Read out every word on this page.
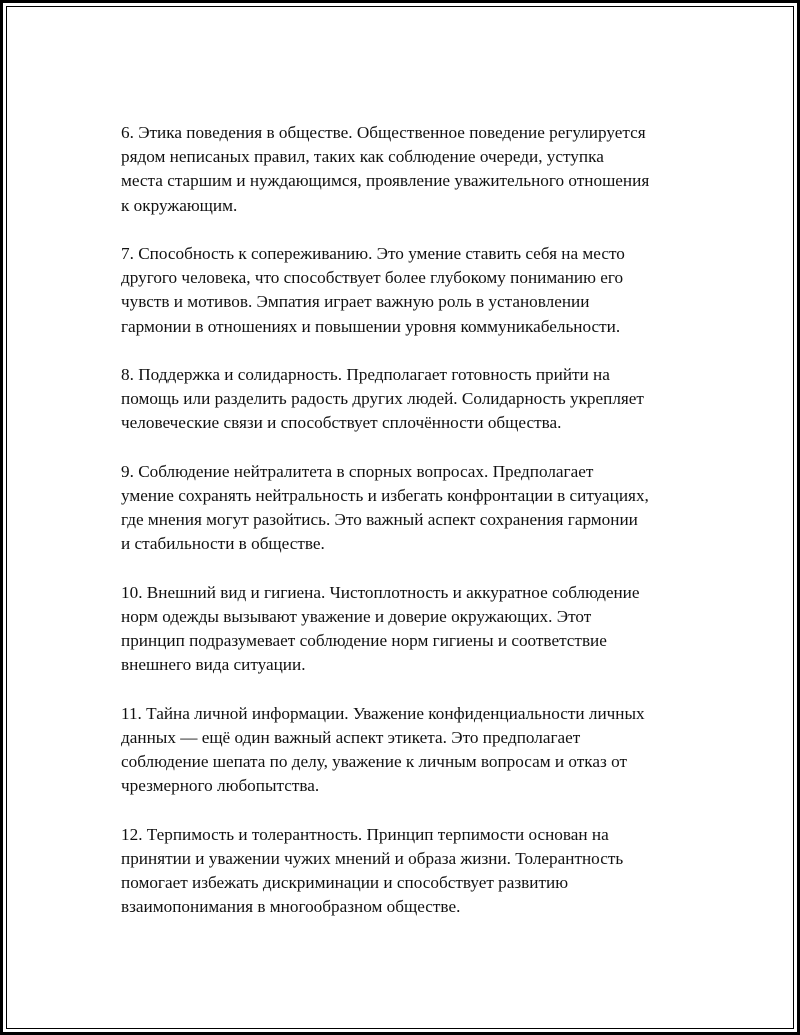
6. Этика поведения в обществе. Общественное поведение регулируется
рядом неписаных правил, таких как соблюдение очереди, уступка
места старшим и нуждающимся, проявление уважительного отношения
к окружающим.

7. Способность к сопереживанию. Это умение ставить себя на место
другого человека, что способствует более глубокому пониманию его
чувств и мотивов. Эмпатия играет важную роль в установлении
гармонии в отношениях и повышении уровня коммуникабельности.

8. Поддержка и солидарность. Предполагает готовность прийти на
помощь или разделить радость других людей. Солидарность укрепляет
человеческие связи и способствует сплочённости общества.

9. Соблюдение нейтралитета в спорных вопросах. Предполагает
умение сохранять нейтральность и избегать конфронтации в ситуациях,
где мнения могут разойтись. Это важный аспект сохранения гармонии
и стабильности в обществе.

10. Внешний вид и гигиена. Чистоплотность и аккуратное соблюдение
норм одежды вызывают уважение и доверие окружающих. Этот
принцип подразумевает соблюдение норм гигиены и соответствие
внешнего вида ситуации.

11. Тайна личной информации. Уважение конфиденциальности личных
данных — ещё один важный аспект этикета. Это предполагает
соблюдение шепата по делу, уважение к личным вопросам и отказ от
чрезмерного любопытства.

12. Терпимость и толерантность. Принцип терпимости основан на
принятии и уважении чужих мнений и образа жизни. Толерантность
помогает избежать дискриминации и способствует развитию
взаимопонимания в многообразном обществе.
